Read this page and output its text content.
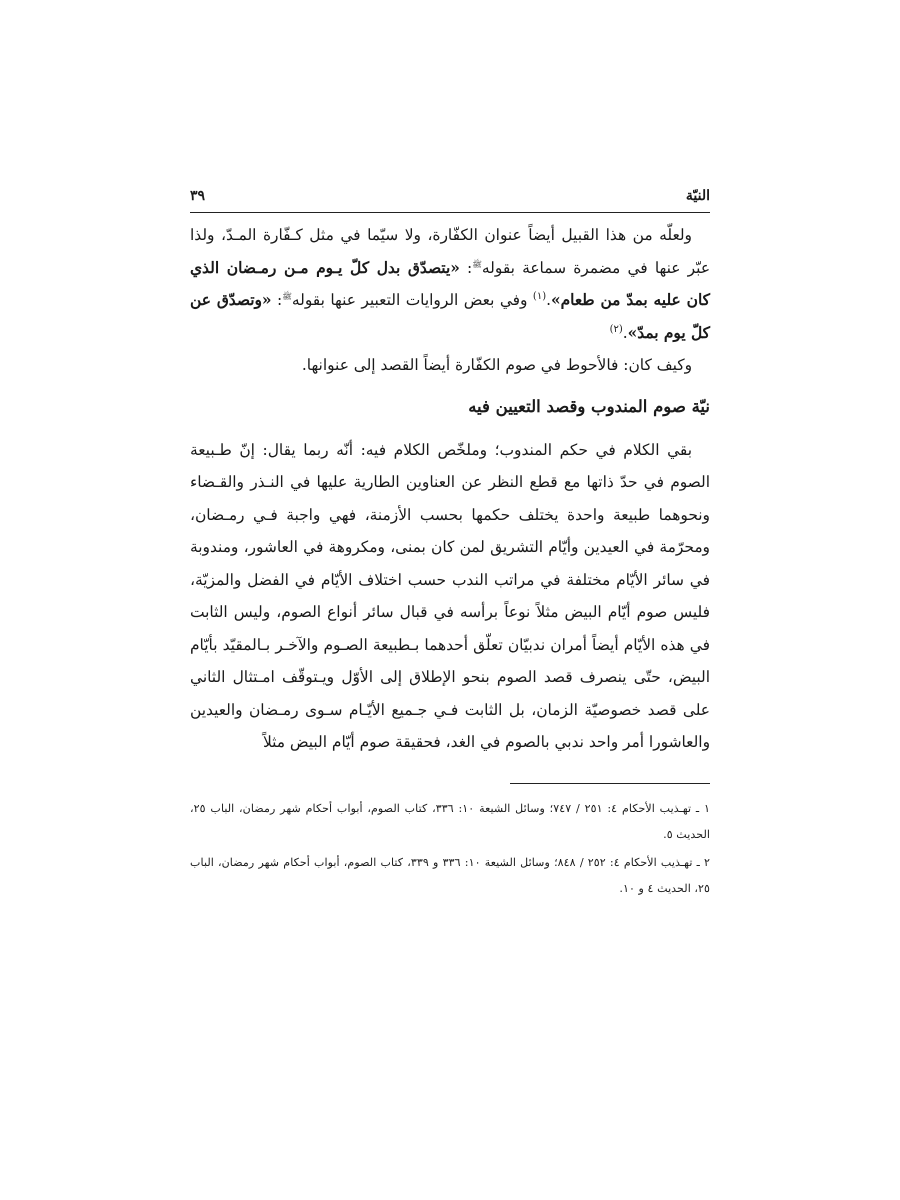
النيّة
٣٩

ولعلّه من هذا القبيل أيضاً عنوان الكفّارة، ولا سيّما في مثل كـفّارة المـدّ، ولذا عبّر عنها في مضمرة سماعة بقوله$^ﷺ$: «يتصدّق بدل كلّ يـوم مـن رمـضان الذي كان عليه بمدّ من طعام».$^{(١)}$ وفي بعض الروايات التعبير عنها بقوله$^ﷺ$: «وتصدّق عن كلّ يوم بمدّ».$^{(٢)}$

وكيف كان: فالأحوط في صوم الكفّارة أيضاً القصد إلى عنوانها.

نيّة صوم المندوب وقصد التعيين فيه

بقي الكلام في حكم المندوب؛ وملخّص الكلام فيه: أنّه ربما يقال: إنّ طـبيعة الصوم في حدّ ذاتها مع قطع النظر عن العناوين الطارية عليها في النـذر والقـضاء ونحوهما طبيعة واحدة يختلف حكمها بحسب الأزمنة، فهي واجبة فـي رمـضان، ومحرّمة في العيدين وأيّام التشريق لمن كان بمنى، ومكروهة في العاشور، ومندوبة في سائر الأيّام مختلفة في مراتب الندب حسب اختلاف الأيّام في الفضل والمزيّة، فليس صوم أيّام البيض مثلاً نوعاً برأسه في قبال سائر أنواع الصوم، وليس الثابت في هذه الأيّام أيضاً أمران ندبيّان تعلّق أحدهما بـطبيعة الصـوم والآخـر بـالمقيّد بأيّام البيض، حتّى ينصرف قصد الصوم بنحو الإطلاق إلى الأوّل ويـتوقّف امـتثال الثاني على قصد خصوصيّة الزمان، بل الثابت فـي جـميع الأيّـام سـوى رمـضان والعيدين والعاشورا أمر واحد ندبي بالصوم في الغد، فحقيقة صوم أيّام البيض مثلاً

١ ـ تهـذيب الأحكام ٤: ٢٥١ / ٧٤٧؛ وسائل الشيعة ١٠: ٣٣٦، كتاب الصوم، أبواب أحكام شهر رمضان، الباب ٢٥، الحديث ٥.

٢ ـ تهـذيب الأحكام ٤: ٢٥٢ / ٨٤٨؛ وسائل الشيعة ١٠: ٣٣٦ و ٣٣٩، كتاب الصوم، أبواب أحكام شهر رمضان، الباب ٢٥، الحديث ٤ و ١٠.
